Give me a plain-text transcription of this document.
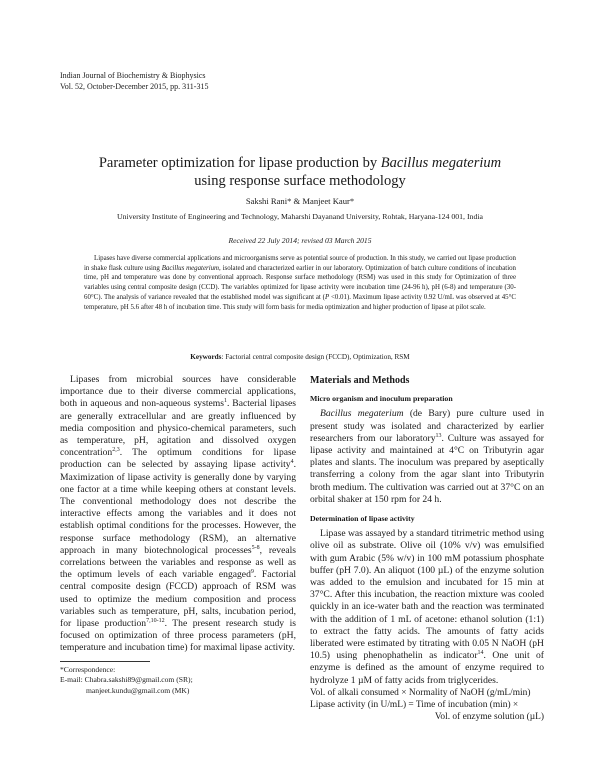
Indian Journal of Biochemistry & Biophysics
Vol. 52, October-December 2015, pp. 311-315
Parameter optimization for lipase production by Bacillus megaterium
using response surface methodology
Sakshi Rani* & Manjeet Kaur*
University Institute of Engineering and Technology, Maharshi Dayanand University, Rohtak, Haryana-124 001, India
Received 22 July 2014; revised 03 March 2015
Lipases have diverse commercial applications and microorganisms serve as potential source of production. In this study, we carried out lipase production in shake flask culture using Bacillus megaterium, isolated and characterized earlier in our laboratory. Optimization of batch culture conditions of incubation time, pH and temperature was done by conventional approach. Response surface methodology (RSM) was used in this study for Optimization of three variables using central composite design (CCD). The variables optimized for lipase activity were incubation time (24-96 h), pH (6-8) and temperature (30-60°C). The analysis of variance revealed that the established model was significant at (P <0.01). Maximum lipase activity 0.92 U/mL was observed at 45°C temperature, pH 5.6 after 48 h of incubation time. This study will form basis for media optimization and higher production of lipase at pilot scale.
Keywords: Factorial central composite design (FCCD), Optimization, RSM

Lipases from microbial sources have considerable importance due to their diverse commercial applications, both in aqueous and non-aqueous systems$^1$. Bacterial lipases are generally extracellular and are greatly influenced by media composition and physico-chemical parameters, such as temperature, pH, agitation and dissolved oxygen concentration$^{2,3}$. The optimum conditions for lipase production can be selected by assaying lipase activity$^4$. Maximization of lipase activity is generally done by varying one factor at a time while keeping others at constant levels. The conventional methodology does not describe the interactive effects among the variables and it does not establish optimal conditions for the processes. However, the response surface methodology (RSM), an alternative approach in many biotechnological processes$^{5-8}$, reveals correlations between the variables and response as well as the optimum levels of each variable engaged$^9$. Factorial central composite design (FCCD) approach of RSM was used to optimize the medium composition and process variables such as temperature, pH, salts, incubation period, for lipase production$^{7,10-12}$. The present research study is focused on optimization of three process parameters (pH, temperature and incubation time) for maximal lipase activity.

*Correspondence:
E-mail: Chabra.sakshi89@gmail.com (SR);
manjeet.kundu@gmail.com (MK)
Materials and Methods
Micro organism and inoculum preparation

Bacillus megaterium (de Bary) pure culture used in present study was isolated and characterized by earlier researchers from our laboratory$^{13}$. Culture was assayed for lipase activity and maintained at 4°C on Tributyrin agar plates and slants. The inoculum was prepared by aseptically transferring a colony from the agar slant into Tributyrin broth medium. The cultivation was carried out at 37°C on an orbital shaker at 150 rpm for 24 h.

Determination of lipase activity

Lipase was assayed by a standard titrimetric method using olive oil as substrate. Olive oil (10% v/v) was emulsified with gum Arabic (5% w/v) in 100 mM potassium phosphate buffer (pH 7.0). An aliquot (100 µL) of the enzyme solution was added to the emulsion and incubated for 15 min at 37°C. After this incubation, the reaction mixture was cooled quickly in an ice-water bath and the reaction was terminated with the addition of 1 mL of acetone: ethanol solution (1:1) to extract the fatty acids. The amounts of fatty acids liberated were estimated by titrating with 0.05 N NaOH (pH 10.5) using phenophathelin as indicator$^{14}$. One unit of enzyme is defined as the amount of enzyme required to hydrolyze 1 µM of fatty acids from triglycerides.

Vol. of alkali consumed × Normality of NaOH (g/mL/min)
Lipase activity (in U/mL) = Time of incubation (min) ×
Vol. of enzyme solution (µL)
